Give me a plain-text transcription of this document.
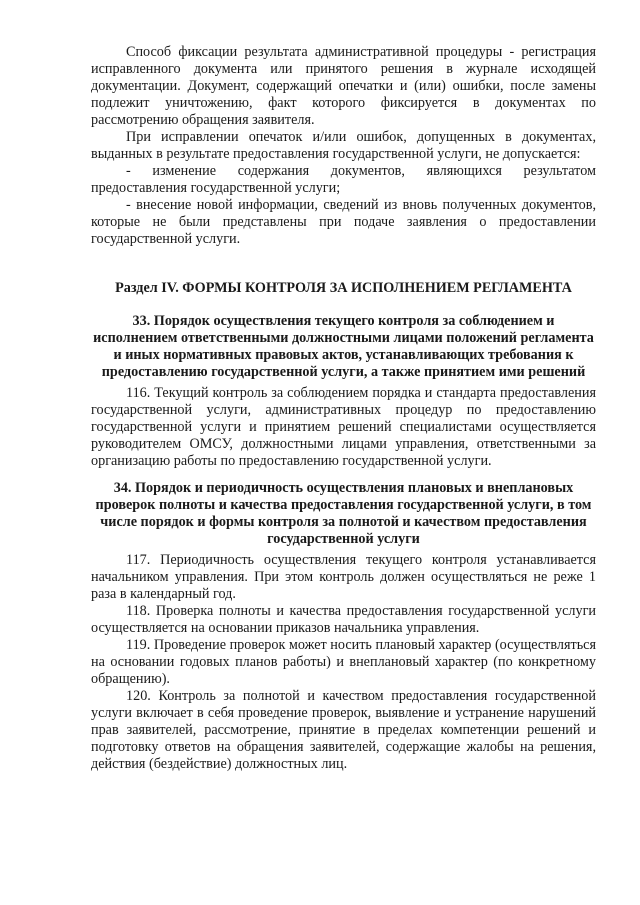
Способ фиксации результата административной процедуры - регистрация исправленного документа или принятого решения в журнале исходящей документации. Документ, содержащий опечатки и (или) ошибки, после замены подлежит уничтожению, факт которого фиксируется в документах по рассмотрению обращения заявителя.

При исправлении опечаток и/или ошибок, допущенных в документах, выданных в результате предоставления государственной услуги, не допускается:

- изменение содержания документов, являющихся результатом предоставления государственной услуги;

- внесение новой информации, сведений из вновь полученных документов, которые не были представлены при подаче заявления о предоставлении государственной услуги.

Раздел IV. ФОРМЫ КОНТРОЛЯ ЗА ИСПОЛНЕНИЕМ РЕГЛАМЕНТА
33. Порядок осуществления текущего контроля за соблюдением и исполнением ответственными должностными лицами положений регламента и иных нормативных правовых актов, устанавливающих требования к предоставлению государственной услуги, а также принятием ими решений

116. Текущий контроль за соблюдением порядка и стандарта предоставления государственной услуги, административных процедур по предоставлению государственной услуги и принятием решений специалистами осуществляется руководителем ОМСУ, должностными лицами управления, ответственными за организацию работы по предоставлению государственной услуги.

34. Порядок и периодичность осуществления плановых и внеплановых проверок полноты и качества предоставления государственной услуги, в том числе порядок и формы контроля за полнотой и качеством предоставления государственной услуги

117. Периодичность осуществления текущего контроля устанавливается начальником управления. При этом контроль должен осуществляться не реже 1 раза в календарный год.

118. Проверка полноты и качества предоставления государственной услуги осуществляется на основании приказов начальника управления.

119. Проведение проверок может носить плановый характер (осуществляться на основании годовых планов работы) и внеплановый характер (по конкретному обращению).

120. Контроль за полнотой и качеством предоставления государственной услуги включает в себя проведение проверок, выявление и устранение нарушений прав заявителей, рассмотрение, принятие в пределах компетенции решений и подготовку ответов на обращения заявителей, содержащие жалобы на решения, действия (бездействие) должностных лиц.
